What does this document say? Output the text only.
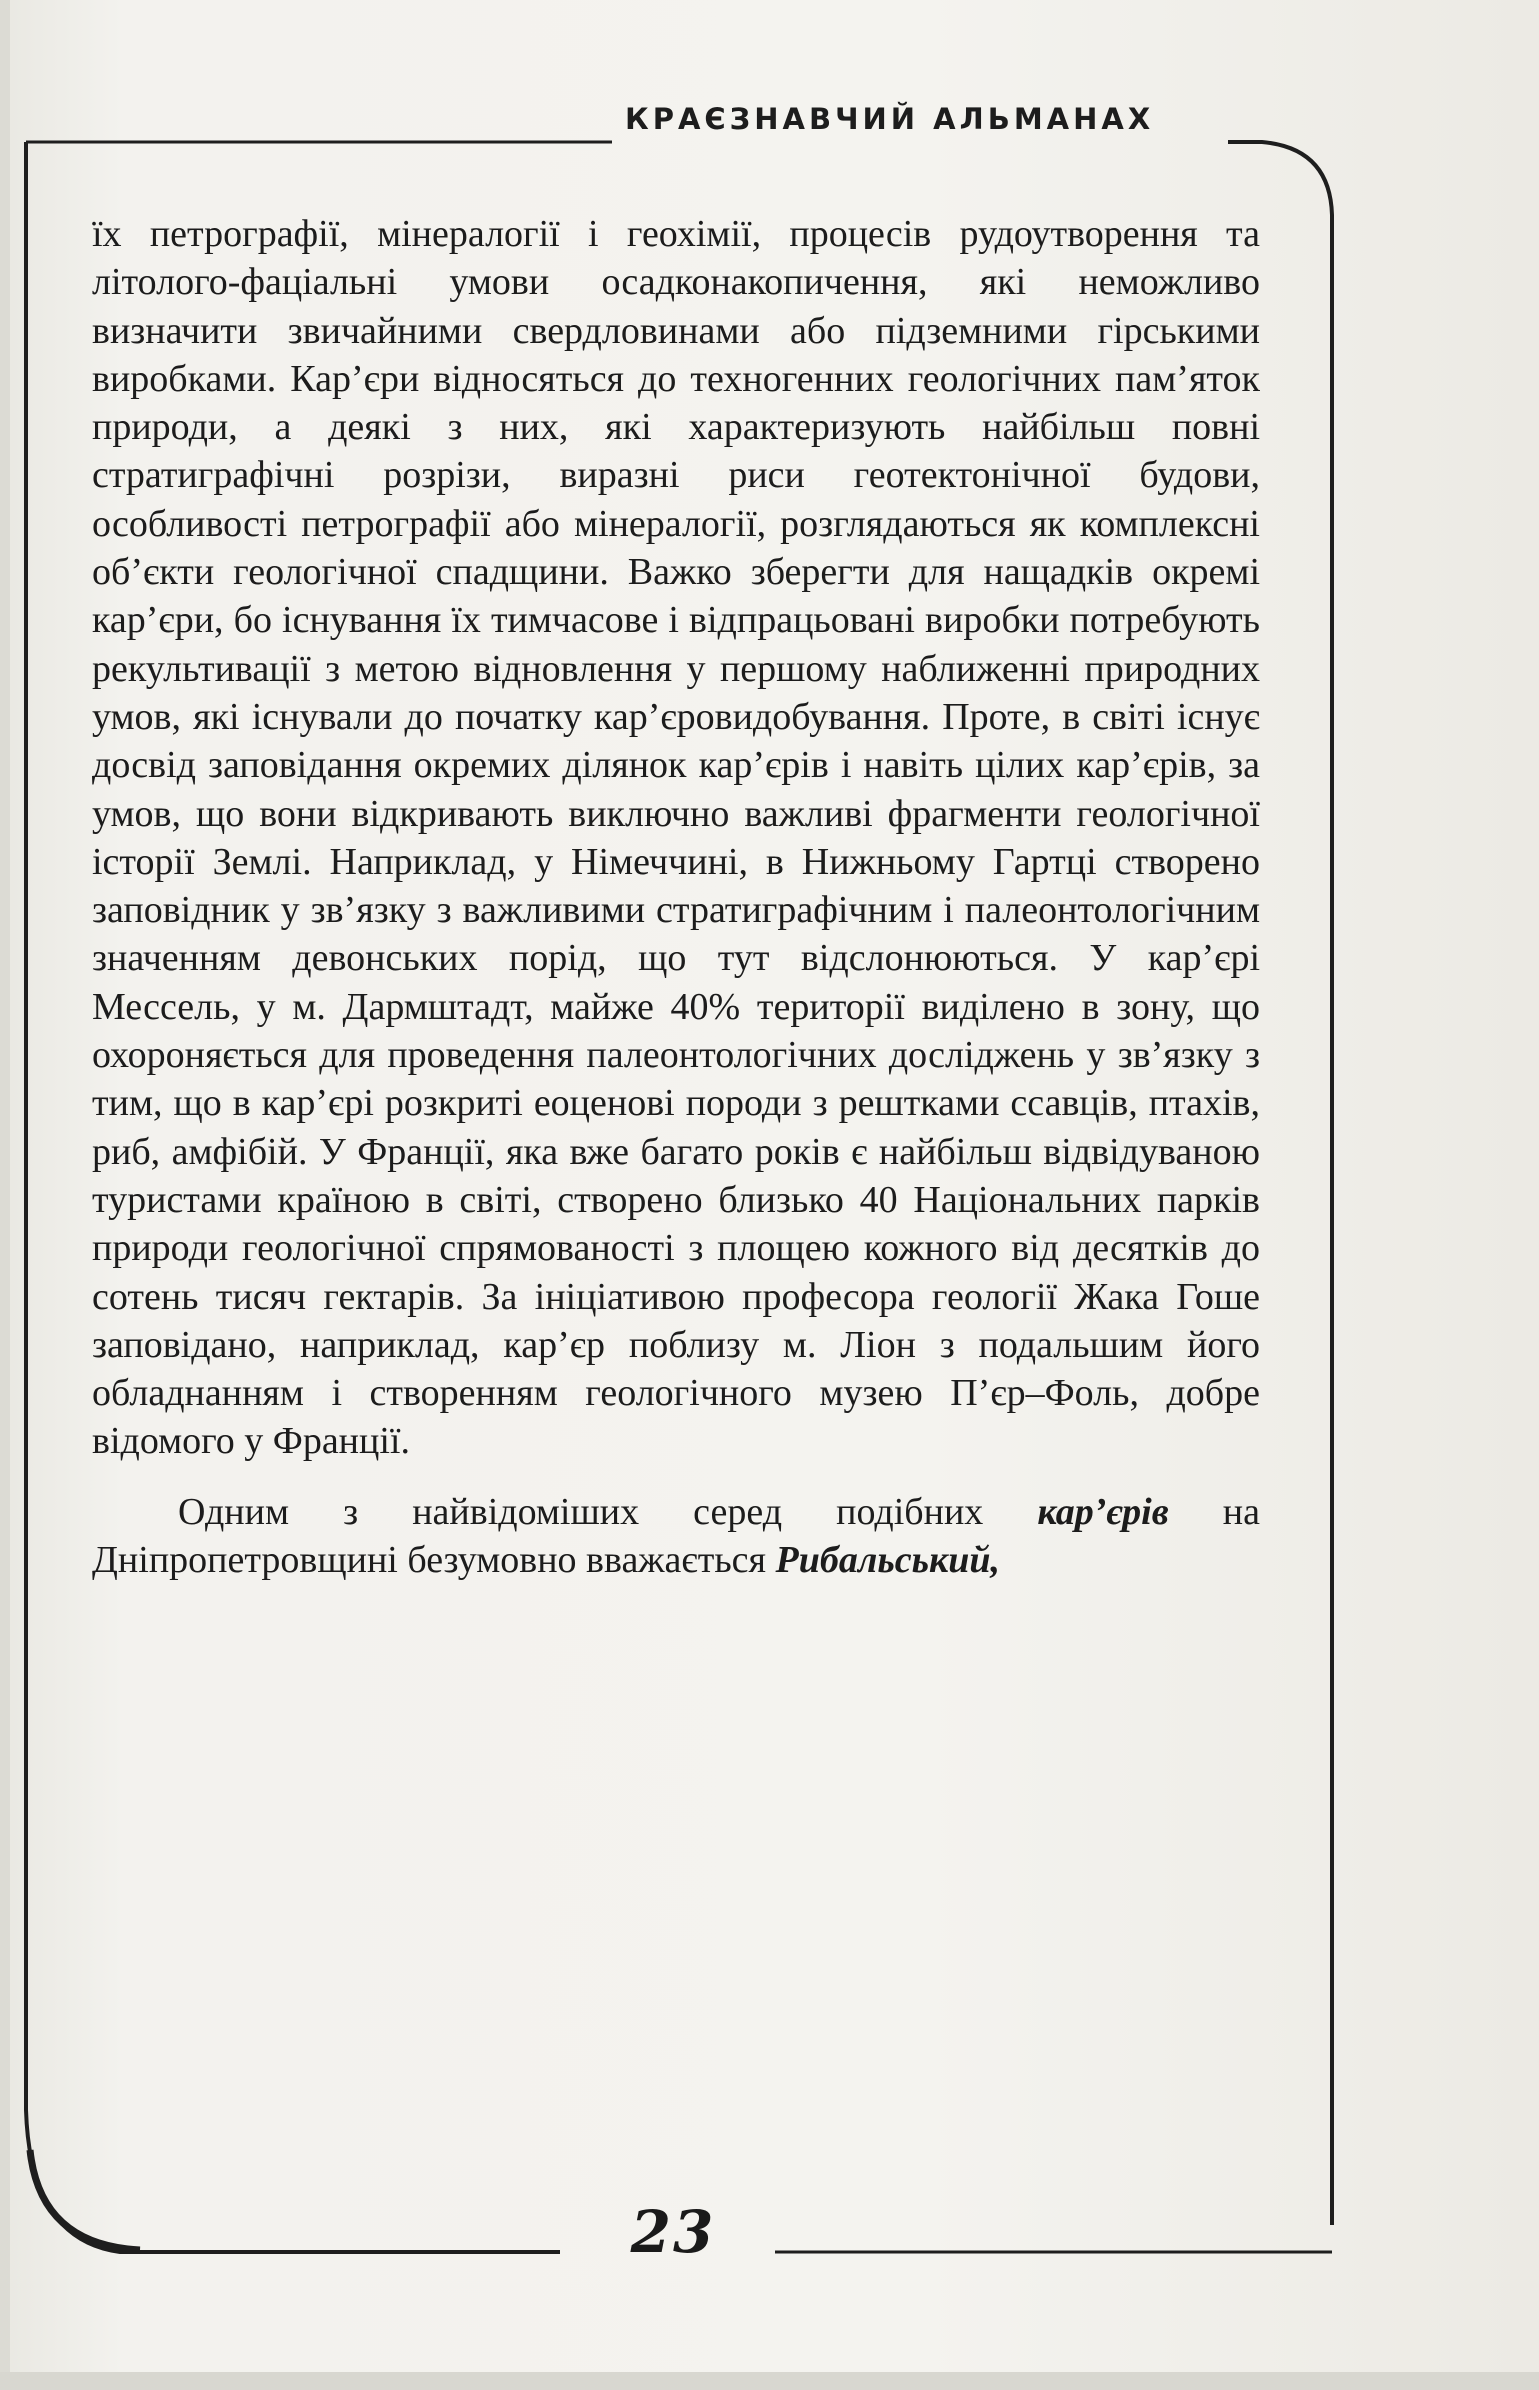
КРАЄЗНАВЧИЙ АЛЬМАНАХ

їх петрографії, мінералогії і геохімії, процесів рудоутворення та літолого-фаціальні умови осадконакопичення, які неможливо визначити звичайними свердловинами або підземними гірськими виробками. Кар’єри відносяться до техногенних геологічних пам’яток природи, а деякі з них, які характеризують найбільш повні стратиграфічні розрізи, виразні риси геотектонічної будови, особливості петрографії або мінералогії, розглядаються як комплексні об’єкти геологічної спадщини. Важко зберегти для нащадків окремі кар’єри, бо існування їх тимчасове і відпрацьовані виробки потребують рекультивації з метою відновлення у першому наближенні природних умов, які існували до початку кар’єровидобування. Проте, в світі існує досвід заповідання окремих ділянок кар’єрів і навіть цілих кар’єрів, за умов, що вони відкривають виключно важливі фрагменти геологічної історії Землі. Наприклад, у Німеччині, в Нижньому Гартці створено заповідник у зв’язку з важливими стратиграфічним і палеонтологічним значенням девонських порід, що тут відслонюються. У кар’єрі Мессель, у м. Дармштадт, майже 40% території виділено в зону, що охороняється для проведення палеонтологічних досліджень у зв’язку з тим, що в кар’єрі розкриті еоценові породи з рештками ссавців, птахів, риб, амфібій. У Франції, яка вже багато років є найбільш відвідуваною туристами країною в світі, створено близько 40 Національних парків природи геологічної спрямованості з площею кожного від десятків до сотень тисяч гектарів. За ініціативою професора геології Жака Гоше заповідано, наприклад, кар’єр поблизу м. Ліон з подальшим його обладнанням і створенням геологічного музею П’єр–Фоль, добре відомого у Франції.

Одним з найвідоміших серед подібних кар’єрів на Дніпропетровщині безумовно вважається Рибальський,

23
